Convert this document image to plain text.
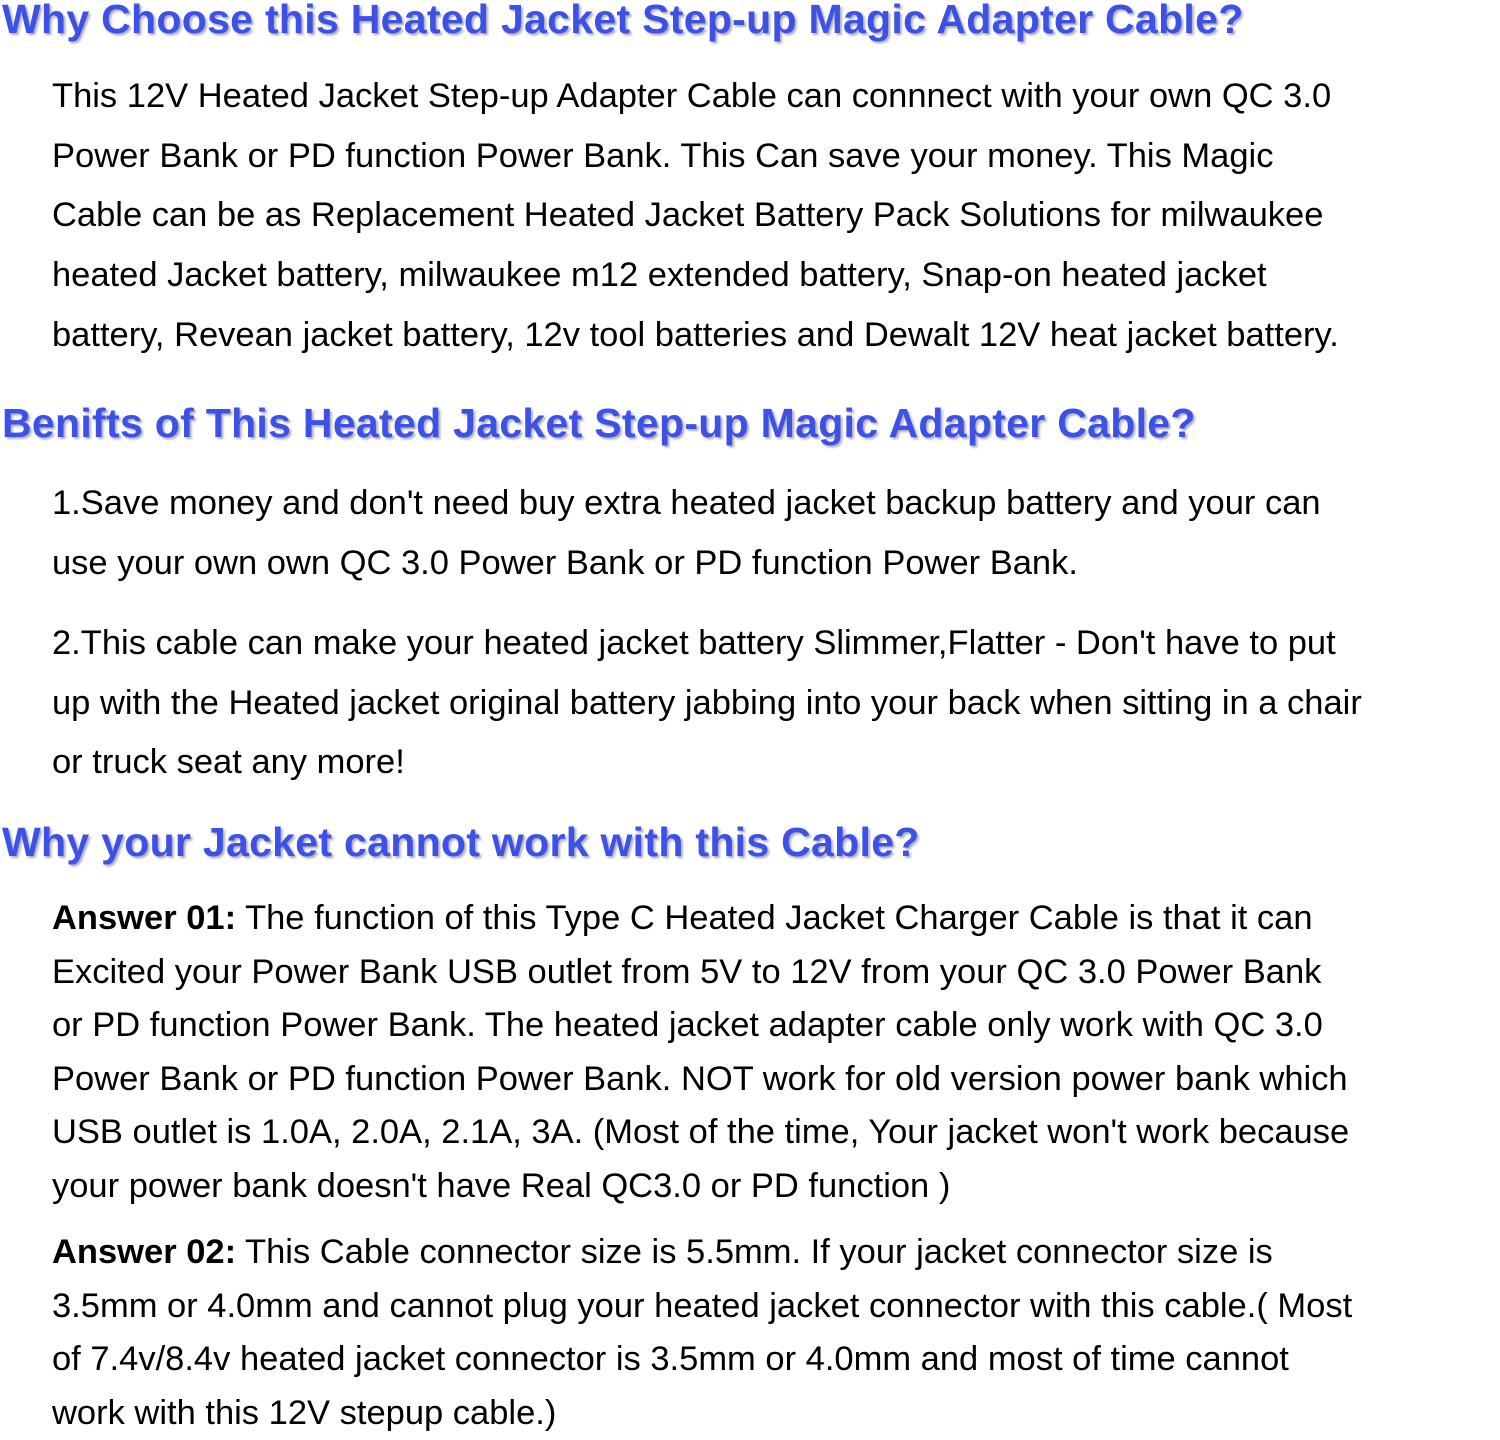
Why Choose this Heated Jacket Step-up Magic Adapter Cable?

This 12V Heated Jacket Step-up Adapter Cable can connnect with your own QC 3.0
Power Bank or PD function Power Bank. This Can save your money. This Magic
Cable can be as Replacement Heated Jacket Battery Pack Solutions for milwaukee
heated Jacket battery, milwaukee m12 extended battery, Snap-on heated jacket
battery, Revean jacket battery, 12v tool batteries and Dewalt 12V heat jacket battery.

Benifts of This Heated Jacket Step-up Magic Adapter Cable?

1.Save money and don't need buy extra heated jacket backup battery and your can
use your own own QC 3.0 Power Bank or PD function Power Bank.

2.This cable can make your heated jacket battery Slimmer,Flatter - Don't have to put
up with the Heated jacket original battery jabbing into your back when sitting in a chair
or truck seat any more!

Why your Jacket cannot work with this Cable?

Answer 01: The function of this Type C Heated Jacket Charger Cable is that it can
Excited your Power Bank USB outlet from 5V to 12V from your QC 3.0 Power Bank
or PD function Power Bank. The heated jacket adapter cable only work with QC 3.0
Power Bank or PD function Power Bank. NOT work for old version power bank which
USB outlet is 1.0A, 2.0A, 2.1A, 3A. (Most of the time, Your jacket won't work because
your power bank doesn't have Real QC3.0 or PD function )

Answer 02: This Cable connector size is 5.5mm. If your jacket connector size is
3.5mm or 4.0mm and cannot plug your heated jacket connector with this cable.( Most
of 7.4v/8.4v heated jacket connector is 3.5mm or 4.0mm and most of time cannot
work with this 12V stepup cable.)
